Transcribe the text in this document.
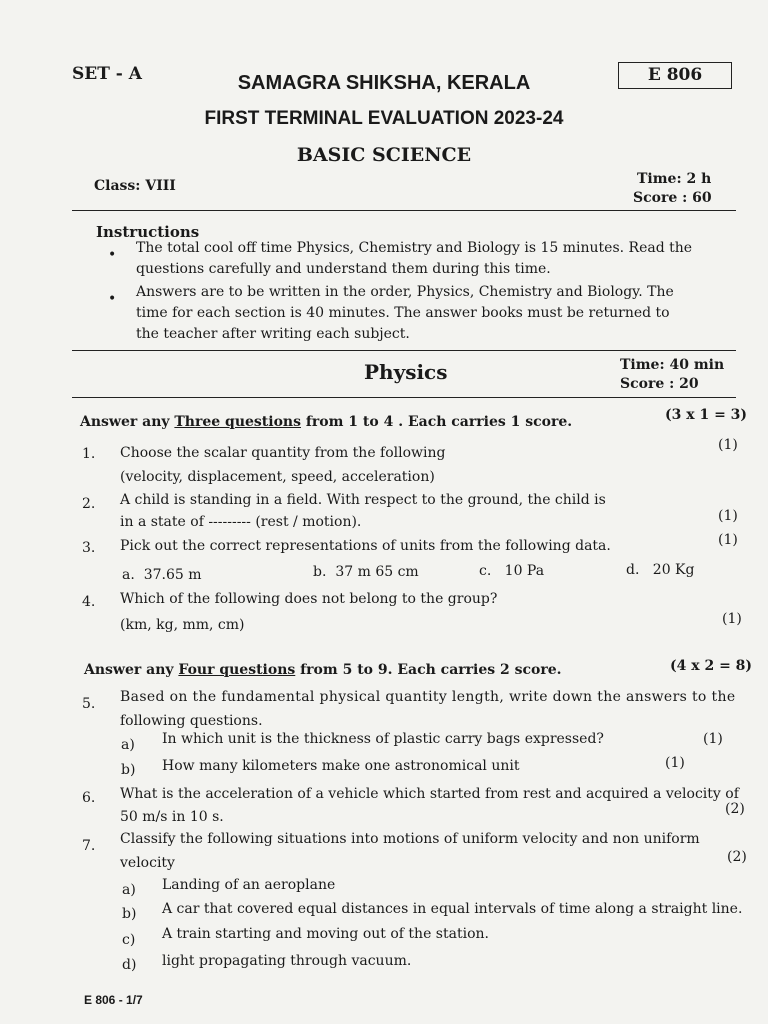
SET - A	E 806
SAMAGRA SHIKSHA, KERALA
FIRST TERMINAL EVALUATION 2023-24
BASIC SCIENCE
Class: VIII	Time: 2 h
Score : 60
Instructions
• The total cool off time Physics, Chemistry and Biology is 15 minutes. Read the questions carefully and understand them during this time.
• Answers are to be written in the order, Physics, Chemistry and Biology. The time for each section is 40 minutes. The answer books must be returned to the teacher after writing each subject.
Physics	Time: 40 min
Score : 20
Answer any Three questions from 1 to 4 . Each carries 1 score.	(3 x 1 = 3)
1. Choose the scalar quantity from the following
(velocity, displacement, speed, acceleration)
(1)
2. A child is standing in a field. With respect to the ground, the child is
in a state of --------- (rest / motion).	(1)
3. Pick out the correct representations of units from the following data.	(1)
a. 37.65 m	b. 37 m 65 cm	c. 10 Pa	d. 20 Kg
4. Which of the following does not belong to the group?
(km, kg, mm, cm)	(1)
Answer any Four questions from 5 to 9. Each carries 2 score.	(4 x 2 = 8)
5. Based on the fundamental physical quantity length, write down the answers to the
following questions.
a) In which unit is the thickness of plastic carry bags expressed?	(1)
b) How many kilometers make one astronomical unit	(1)
6. What is the acceleration of a vehicle which started from rest and acquired a velocity of
50 m/s in 10 s.	(2)
7. Classify the following situations into motions of uniform velocity and non uniform
velocity	(2)
a) Landing of an aeroplane
b) A car that covered equal distances in equal intervals of time along a straight line.
c) A train starting and moving out of the station.
d) light propagating through vacuum.
E 806 - 1/7
